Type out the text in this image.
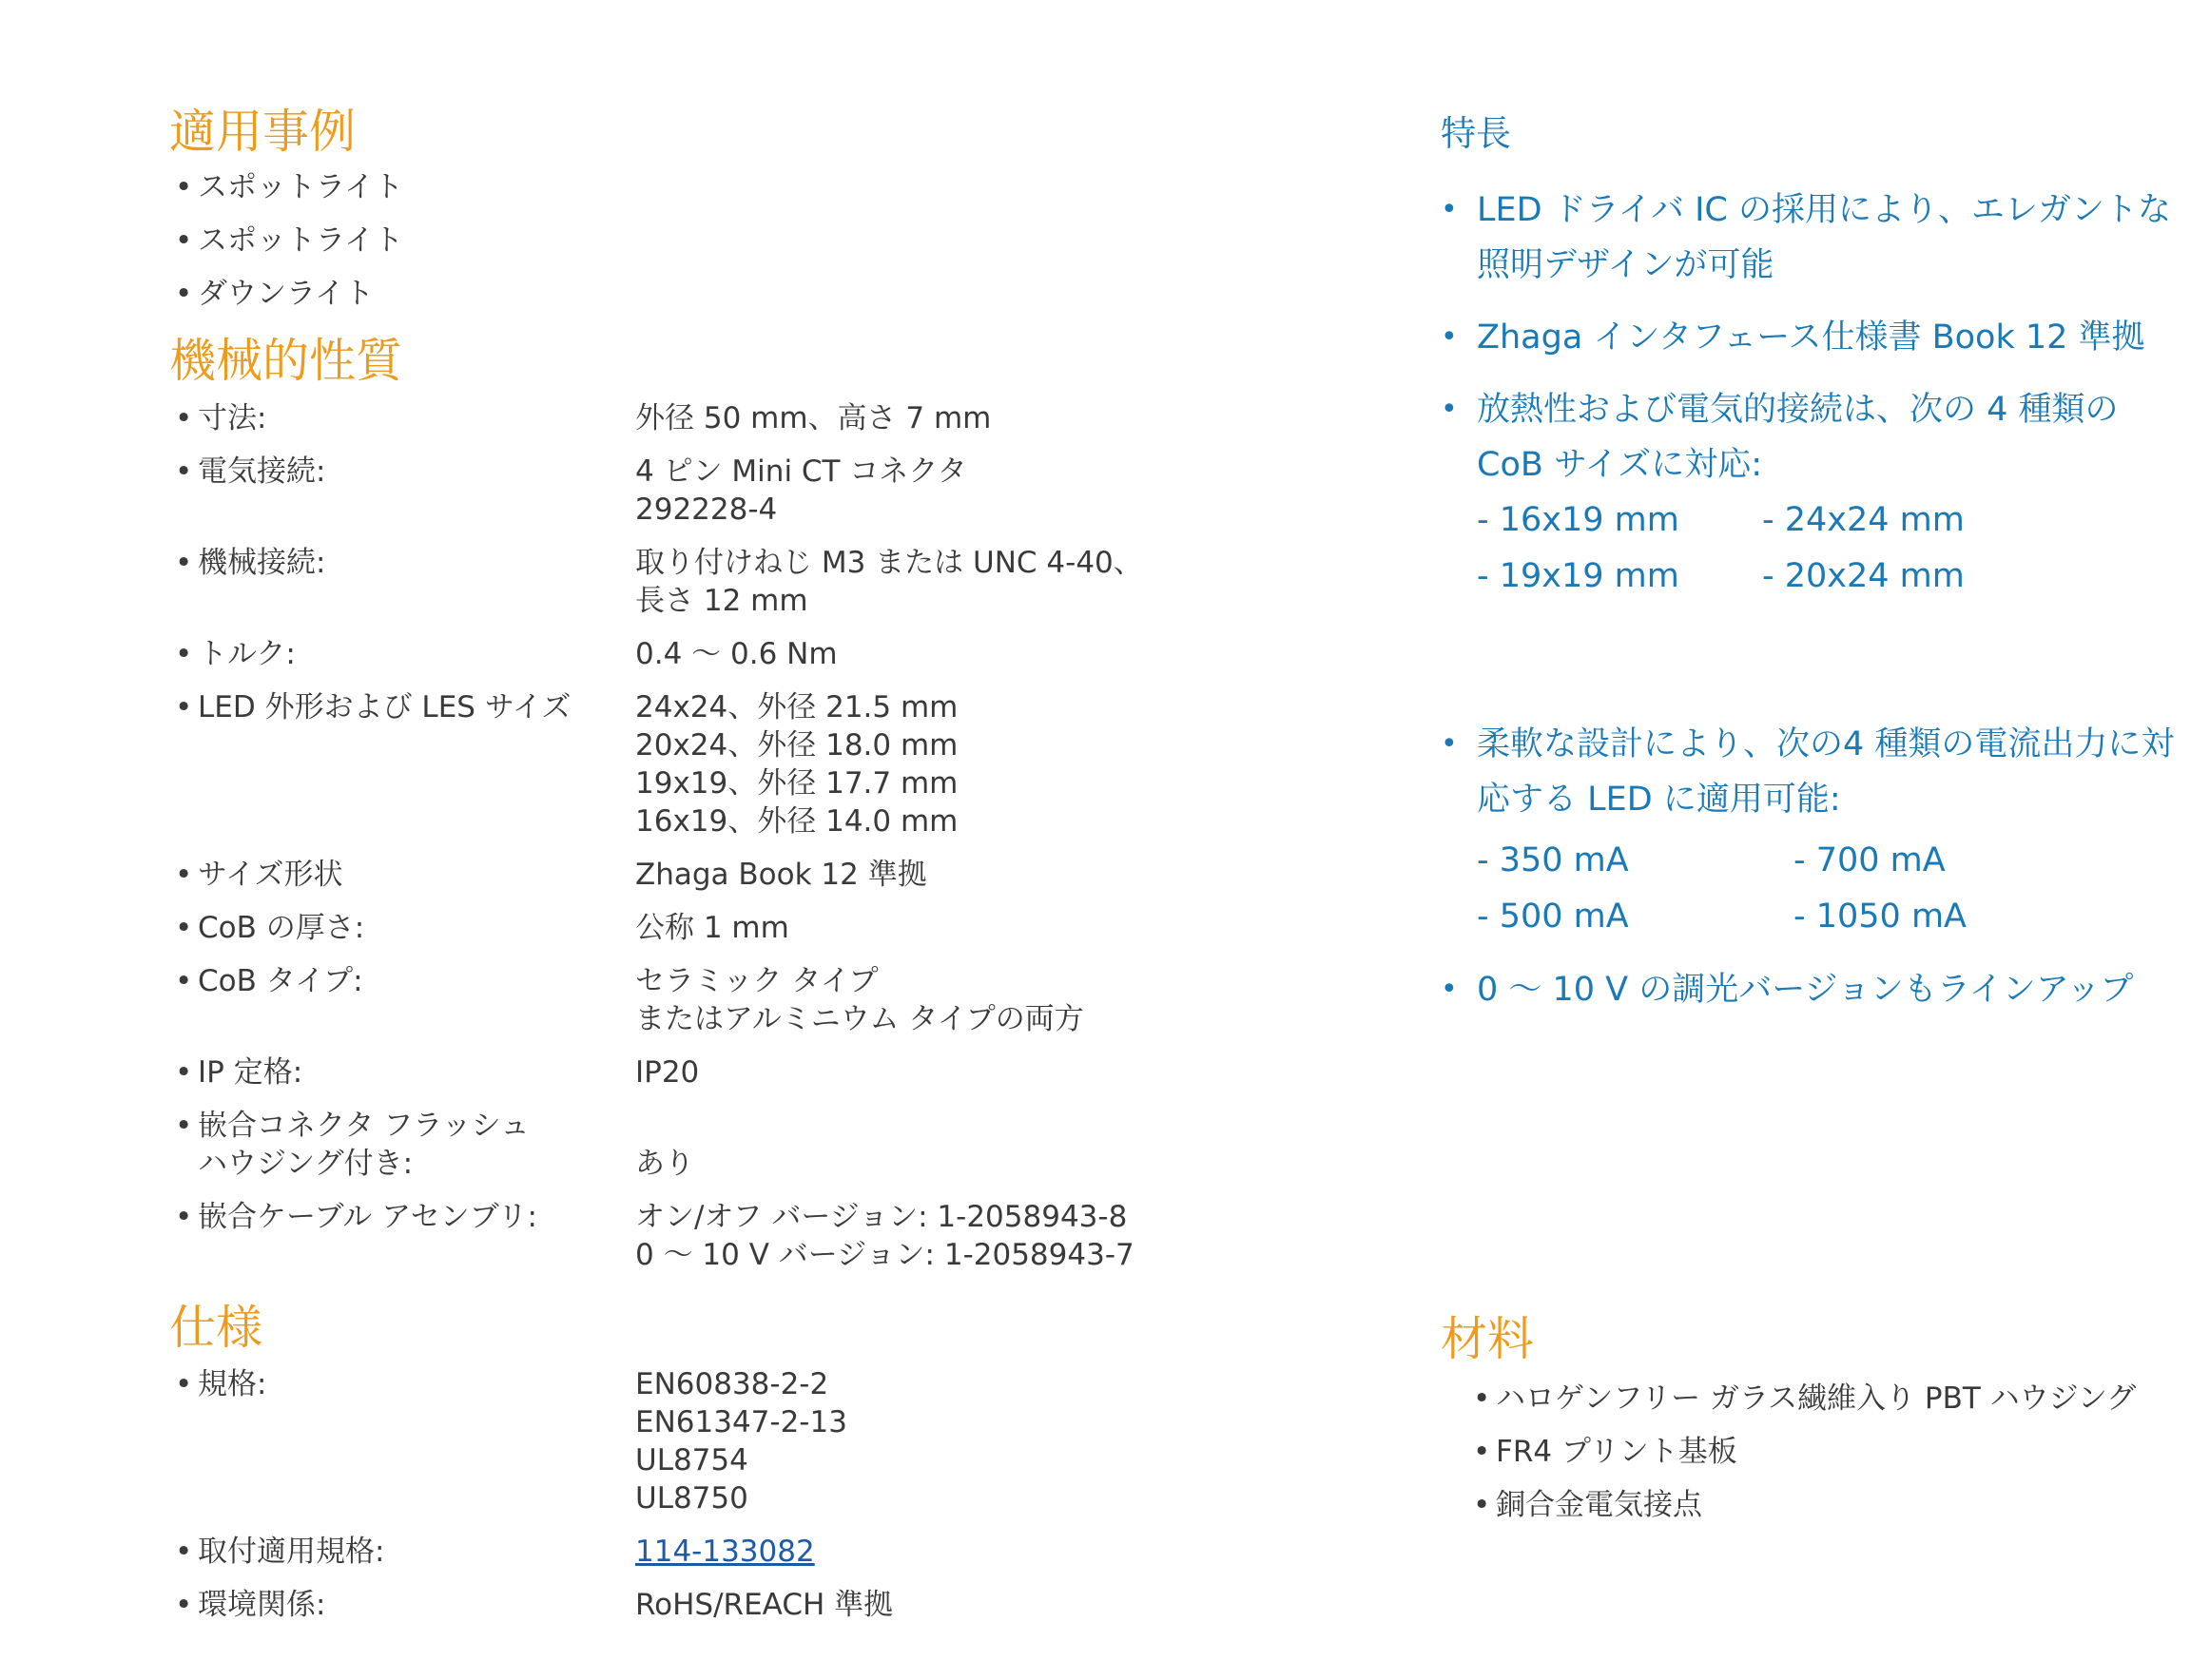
適用事例
• スポットライト
• スポットライト
• ダウンライト
機械的性質
• 寸法:	外径 50 mm、高さ 7 mm
• 電気接続:	4 ピン Mini CT コネクタ
292228-4
• 機械接続:	取り付けねじ M3 または UNC 4-40、
長さ 12 mm
• トルク:	0.4 ～ 0.6 Nm
• LED 外形および LES サイズ	24x24、外径 21.5 mm
20x24、外径 18.0 mm
19x19、外径 17.7 mm
16x19、外径 14.0 mm
• サイズ形状	Zhaga Book 12 準拠
• CoB の厚さ:	公称 1 mm
• CoB タイプ:	セラミック タイプ
またはアルミニウム タイプの両方
• IP 定格:	IP20
• 嵌合コネクタ フラッシュ
ハウジング付き:	
あり
• 嵌合ケーブル アセンブリ:	オン/オフ バージョン: 1-2058943-8
0 ～ 10 V バージョン: 1-2058943-7
仕様
• 規格:	EN60838-2-2
EN61347-2-13
UL8754
UL8750
• 取付適用規格:	114-133082
• 環境関係:	RoHS/REACH 準拠
特長
• LED ドライバ IC の採用により、エレガントな照明デザインが可能
• Zhaga インタフェース仕様書 Book 12 準拠
• 放熱性および電気的接続は、次の 4 種類の CoB サイズに対応:
- 16x19 mm	- 24x24 mm
- 19x19 mm	- 20x24 mm
• 柔軟な設計により、次の4 種類の電流出力に対応する LED に適用可能:
- 350 mA	- 700 mA
- 500 mA	- 1050 mA
• 0 ～ 10 V の調光バージョンもラインアップ
材料
• ハロゲンフリー ガラス繊維入り PBT ハウジング
• FR4 プリント基板
• 銅合金電気接点
